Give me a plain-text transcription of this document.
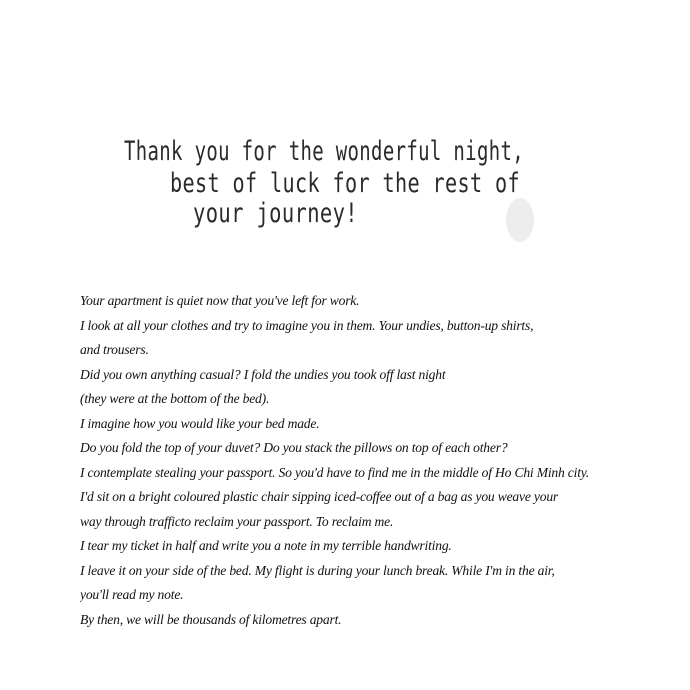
Thank you for the wonderful night,
best of luck for the rest of
your journey!
Your apartment is quiet now that you've left for work.
I look at all your clothes and try to imagine you in them. Your undies, button-up shirts,
and trousers.
Did you own anything casual? I fold the undies you took off last night
(they were at the bottom of the bed).
I imagine how you would like your bed made.
Do you fold the top of your duvet? Do you stack the pillows on top of each other?
I contemplate stealing your passport. So you'd have to find me in the middle of Ho Chi Minh city.
I'd sit on a bright coloured plastic chair sipping iced-coffee out of a bag as you weave your
way through trafficto reclaim your passport. To reclaim me.
I tear my ticket in half and write you a note in my terrible handwriting.
I leave it on your side of the bed. My flight is during your lunch break. While I'm in the air,
you'll read my note.
By then, we will be thousands of kilometres apart.
